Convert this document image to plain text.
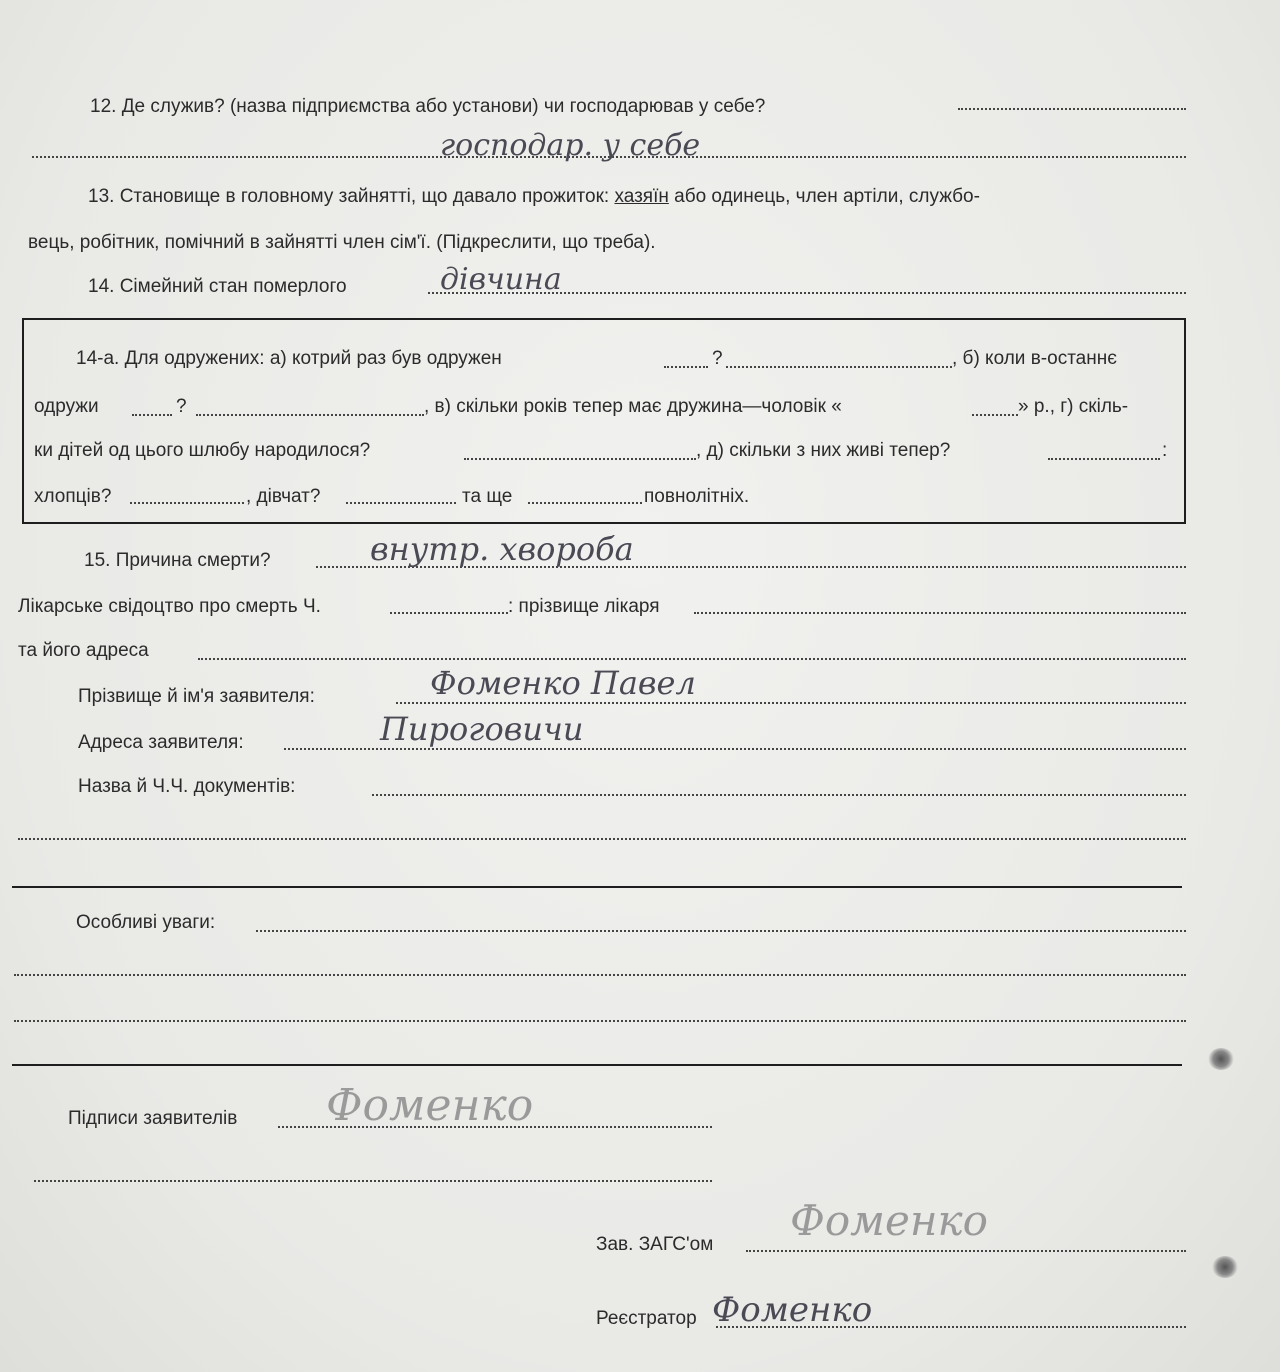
12. Де служив? (назва підприємства або установи) чи господарював у себе?
господар. у себе
13. Становище в головному зайнятті, що давало прожиток: хазяїн або одинець, член артіли, службо-
вець, робітник, помічний в зайнятті член сім'ї. (Підкреслити, що треба).
14. Сімейний стан померлого	дівчина
14-а. Для одружених: а) котрий раз був одружен	?	, б) коли в-останнє
одружи	?	, в) скільки років тепер має дружина—чоловік «	» р., г) скіль-
ки дітей од цього шлюбу народилося?	, д) скільки з них живі тепер?	:
хлопців?	, дівчат?	та ще	повнолітніх.
15. Причина смерти?	внутр. хвороба
Лікарське свідоцтво про смерть Ч.	: прізвище лікаря
та його адреса
Прізвище й ім'я заявителя:	Фоменко Павел
Адреса заявителя:	Пироговичи
Назва й Ч.Ч. документів:
Особливі уваги:
Підписи заявителів Фоменко
Зав. ЗАГС'ом Фоменко
Реєстратор Фоменко
